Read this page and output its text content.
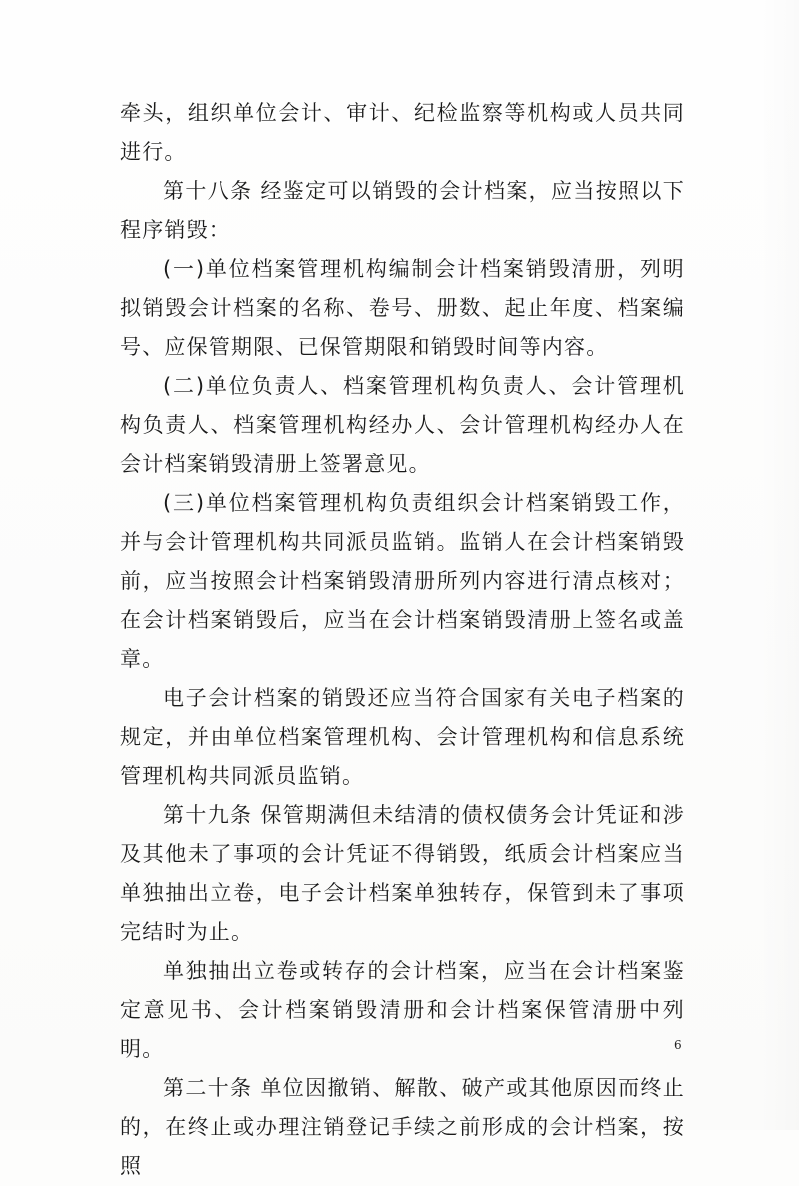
牵头，组织单位会计、审计、纪检监察等机构或人员共同进行。

第十八条 经鉴定可以销毁的会计档案，应当按照以下程序销毁：

(一)单位档案管理机构编制会计档案销毁清册，列明拟销毁会计档案的名称、卷号、册数、起止年度、档案编号、应保管期限、已保管期限和销毁时间等内容。

(二)单位负责人、档案管理机构负责人、会计管理机构负责人、档案管理机构经办人、会计管理机构经办人在会计档案销毁清册上签署意见。

(三)单位档案管理机构负责组织会计档案销毁工作，并与会计管理机构共同派员监销。监销人在会计档案销毁前，应当按照会计档案销毁清册所列内容进行清点核对；在会计档案销毁后，应当在会计档案销毁清册上签名或盖章。

电子会计档案的销毁还应当符合国家有关电子档案的规定，并由单位档案管理机构、会计管理机构和信息系统管理机构共同派员监销。

第十九条 保管期满但未结清的债权债务会计凭证和涉及其他未了事项的会计凭证不得销毁，纸质会计档案应当单独抽出立卷，电子会计档案单独转存，保管到未了事项完结时为止。

单独抽出立卷或转存的会计档案，应当在会计档案鉴定意见书、会计档案销毁清册和会计档案保管清册中列明。

第二十条 单位因撤销、解散、破产或其他原因而终止的，在终止或办理注销登记手续之前形成的会计档案，按照

6
